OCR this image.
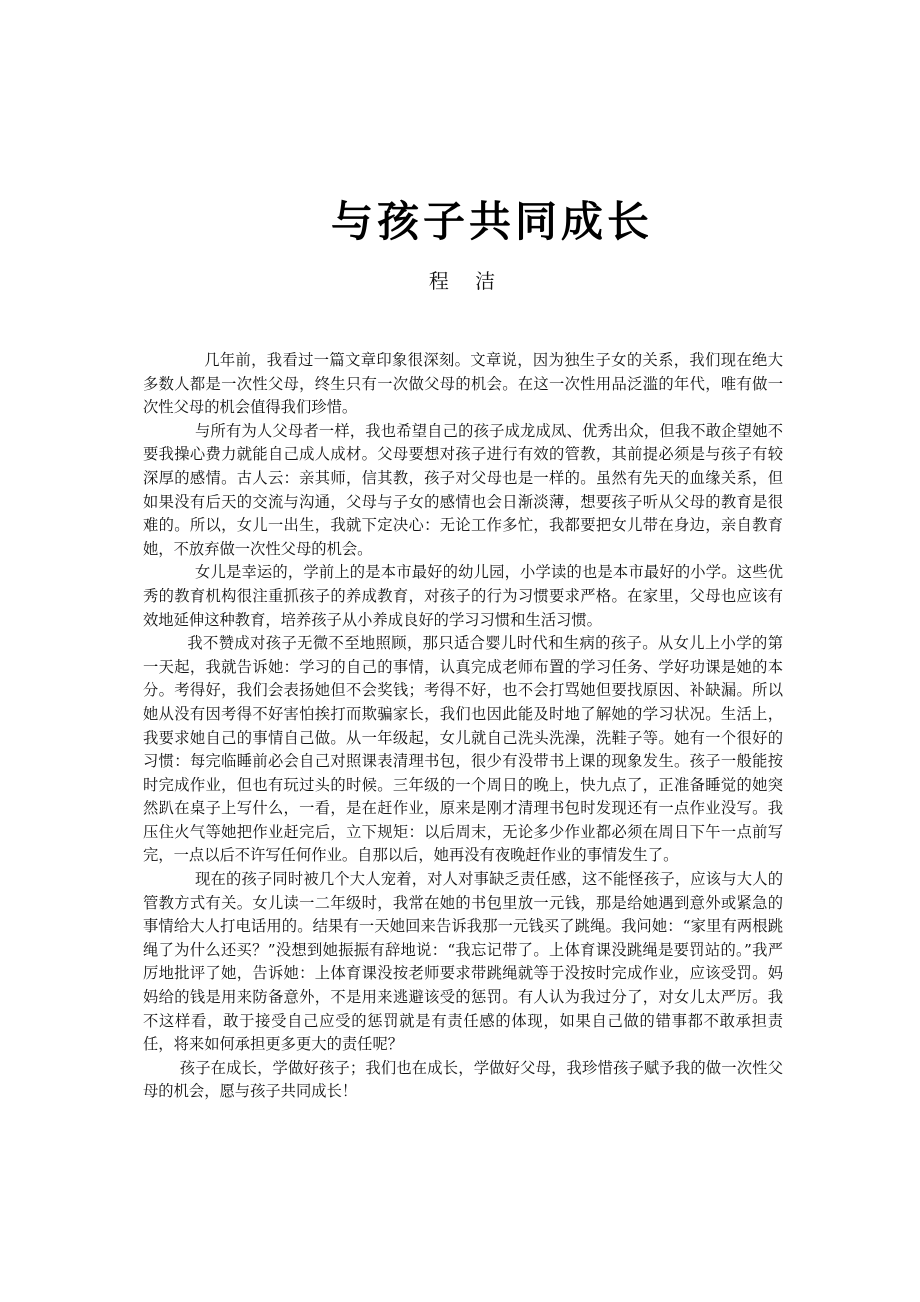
与孩子共同成长
程 洁

几年前，我看过一篇文章印象很深刻。文章说，因为独生子女的关系，我们现在绝大多数人都是一次性父母，终生只有一次做父母的机会。在这一次性用品泛滥的年代，唯有做一次性父母的机会值得我们珍惜。

与所有为人父母者一样，我也希望自己的孩子成龙成凤、优秀出众，但我不敢企望她不要我操心费力就能自己成人成材。父母要想对孩子进行有效的管教，其前提必须是与孩子有较深厚的感情。古人云：亲其师，信其教，孩子对父母也是一样的。虽然有先天的血缘关系，但如果没有后天的交流与沟通，父母与子女的感情也会日渐淡薄，想要孩子听从父母的教育是很难的。所以，女儿一出生，我就下定决心：无论工作多忙，我都要把女儿带在身边，亲自教育她，不放弃做一次性父母的机会。

女儿是幸运的，学前上的是本市最好的幼儿园，小学读的也是本市最好的小学。这些优秀的教育机构很注重抓孩子的养成教育，对孩子的行为习惯要求严格。在家里，父母也应该有效地延伸这种教育，培养孩子从小养成良好的学习习惯和生活习惯。

我不赞成对孩子无微不至地照顾，那只适合婴儿时代和生病的孩子。从女儿上小学的第一天起，我就告诉她：学习的自己的事情，认真完成老师布置的学习任务、学好功课是她的本分。考得好，我们会表扬她但不会奖钱；考得不好，也不会打骂她但要找原因、补缺漏。所以她从没有因考得不好害怕挨打而欺骗家长，我们也因此能及时地了解她的学习状况。生活上，我要求她自己的事情自己做。从一年级起，女儿就自己洗头洗澡，洗鞋子等。她有一个很好的习惯：每完临睡前必会自己对照课表清理书包，很少有没带书上课的现象发生。孩子一般能按时完成作业，但也有玩过头的时候。三年级的一个周日的晚上，快九点了，正准备睡觉的她突然趴在桌子上写什么，一看，是在赶作业，原来是刚才清理书包时发现还有一点作业没写。我压住火气等她把作业赶完后，立下规矩：以后周末，无论多少作业都必须在周日下午一点前写完，一点以后不许写任何作业。自那以后，她再没有夜晚赶作业的事情发生了。

现在的孩子同时被几个大人宠着，对人对事缺乏责任感，这不能怪孩子，应该与大人的管教方式有关。女儿读一二年级时，我常在她的书包里放一元钱，那是给她遇到意外或紧急的事情给大人打电话用的。结果有一天她回来告诉我那一元钱买了跳绳。我问她：“家里有两根跳绳了为什么还买？”没想到她振振有辞地说：“我忘记带了。上体育课没跳绳是要罚站的。”我严厉地批评了她，告诉她：上体育课没按老师要求带跳绳就等于没按时完成作业，应该受罚。妈妈给的钱是用来防备意外，不是用来逃避该受的惩罚。有人认为我过分了，对女儿太严厉。我不这样看，敢于接受自己应受的惩罚就是有责任感的体现，如果自己做的错事都不敢承担责任，将来如何承担更多更大的责任呢？

孩子在成长，学做好孩子；我们也在成长，学做好父母，我珍惜孩子赋予我的做一次性父母的机会，愿与孩子共同成长！
